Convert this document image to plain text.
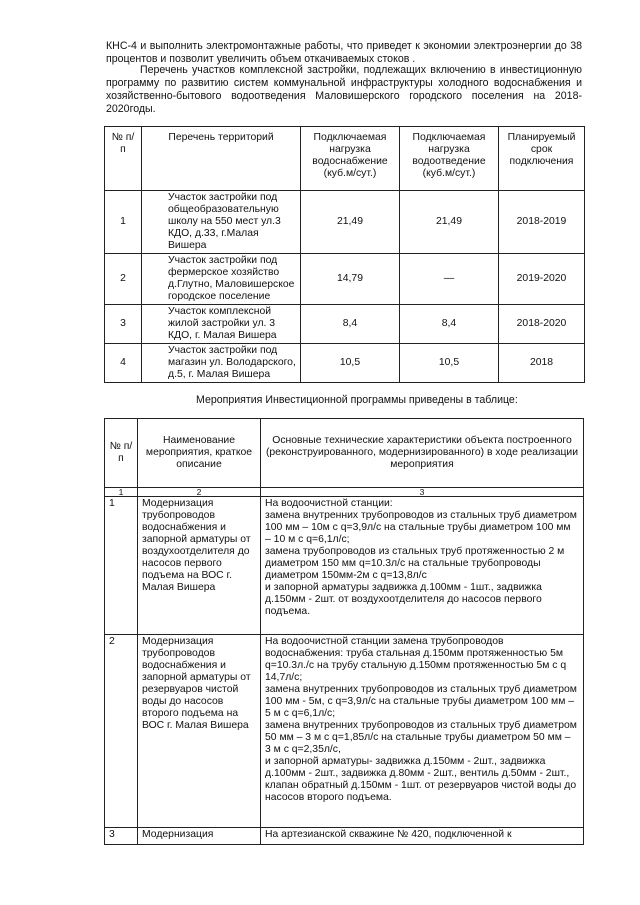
КНС-4 и выполнить электромонтажные работы, что приведет к экономии электроэнергии до 38 процентов и позволит увеличить объем откачиваемых стоков .

Перечень участков комплексной застройки, подлежащих включению в инвестиционную программу по развитию систем коммунальной инфраструктуры холодного водоснабжения и хозяйственно-бытового водоотведения Маловишерского городского поселения на 2018- 2020годы.

№ п/п	Перечень территорий	Подключаемая нагрузка водоснабжение (куб.м/сут.)	Подключаемая нагрузка водоотведение (куб.м/сут.)	Планируемый срок подключения
1	Участок застройки под общеобразовательную школу на 550 мест ул.3 КДО, д.33, г.Малая Вишера	21,49	21,49	2018-2019
2	Участок застройки под фермерское хозяйство д.Глутно, Маловишерское городское поселение	14,79	—	2019-2020
3	Участок комплексной жилой застройки ул. 3 КДО, г. Малая Вишера	8,4	8,4	2018-2020
4	Участок застройки под магазин ул. Володарского, д.5, г. Малая Вишера	10,5	10,5	2018

Мероприятия Инвестиционной программы приведены в таблице:

№ п/п	Наименование мероприятия, краткое описание	Основные технические характеристики объекта построенного (реконструированного, модернизированного) в ходе реализации мероприятия
1	2	3
1	Модернизация трубопроводов водоснабжения и запорной арматуры от воздухоотделителя до насосов первого подъема на ВОС г. Малая Вишера	На водоочистной станции:
замена внутренних трубопроводов из стальных труб диаметром 100 мм – 10м с q=3,9л/с на стальные трубы диаметром 100 мм – 10 м с q=6,1л/с;
замена трубопроводов из стальных труб протяженностью 2 м диаметром 150 мм q=10.3л/с на стальные трубопроводы диаметром 150мм-2м с q=13,8л/с
и запорной арматуры задвижка д.100мм - 1шт., задвижка д.150мм - 2шт. от воздухоотделителя до насосов первого подъема.
2	Модернизация трубопроводов водоснабжения и запорной арматуры от резервуаров чистой воды до насосов второго подъема на ВОС г. Малая Вишера	На водоочистной станции замена трубопроводов водоснабжения: труба стальная д.150мм протяженностью 5м q=10.3л./с на трубу стальную д.150мм протяженностью 5м с q 14,7л/с;
замена внутренних трубопроводов из стальных труб диаметром 100 мм - 5м, с q=3,9л/с на стальные трубы диаметром 100 мм – 5 м с q=6,1л/с;
замена внутренних трубопроводов из стальных труб диаметром 50 мм – 3 м с q=1,85л/с на стальные трубы диаметром 50 мм – 3 м с q=2,35л/с,
и запорной арматуры- задвижка д.150мм - 2шт., задвижка д.100мм - 2шт., задвижка д.80мм - 2шт., вентиль д.50мм - 2шт., клапан обратный д.150мм - 1шт. от резервуаров чистой воды до насосов второго подъема.
3	Модернизация	На артезианской скважине № 420, подключенной к
